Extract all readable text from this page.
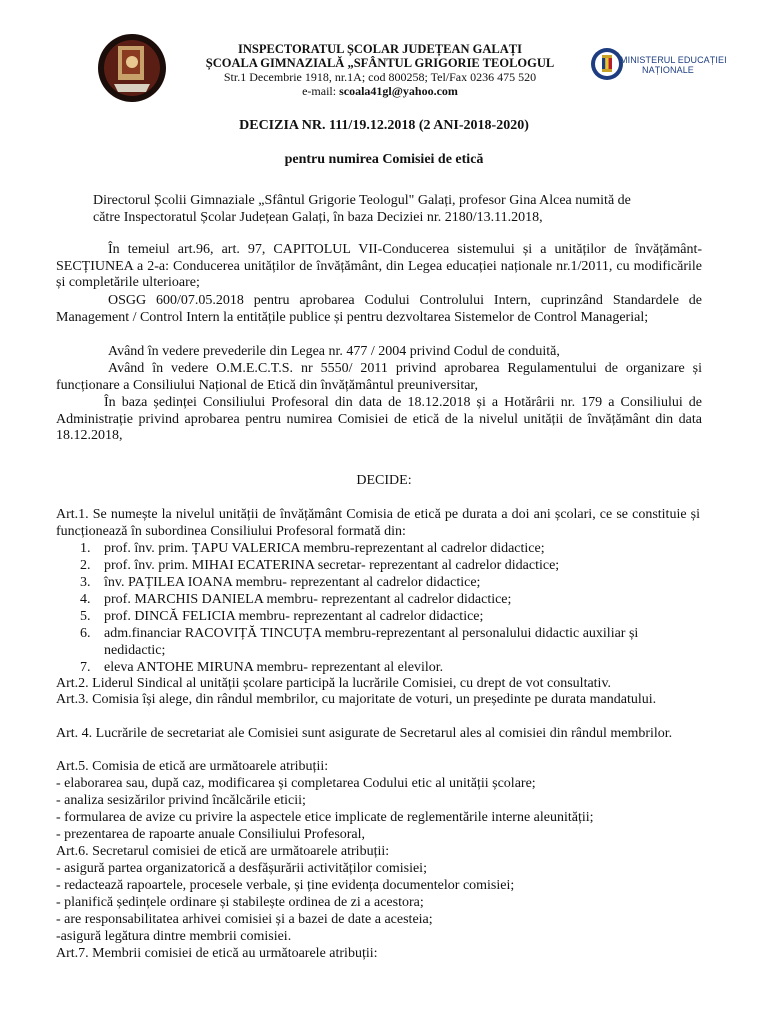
INSPECTORATUL ȘCOLAR JUDEȚEAN GALAȚI
ȘCOALA GIMNAZIALĂ „SFÂNTUL GRIGORIE TEOLOGUL
Str.1 Decembrie 1918, nr.1A; cod 800258; Tel/Fax 0236 475 520
e-mail: scoala41gl@yahoo.com
MINISTERUL EDUCAȚIEI
NAȚIONALE
DECIZIA NR. 111/19.12.2018 (2 ANI-2018-2020)
pentru numirea Comisiei de etică
Directorul Școlii Gimnaziale „Sfântul Grigorie Teologul" Galați, profesor Gina Alcea numită de
către Inspectoratul Școlar Județean Galați, în baza Deciziei nr. 2180/13.11.2018,
În temeiul art.96, art. 97, CAPITOLUL VII-Conducerea sistemului și a unităților de învățământ- SECȚIUNEA a 2-a: Conducerea unităților de învățământ, din Legea educației naționale nr.1/2011, cu modificările și completările ulterioare;
OSGG 600/07.05.2018 pentru aprobarea Codului Controlului Intern, cuprinzând Standardele de Management / Control Intern la entitățile publice și pentru dezvoltarea Sistemelor de Control Managerial;
Având în vedere prevederile din Legea nr. 477 / 2004 privind Codul de conduită,
Având în vedere O.M.E.C.T.S. nr 5550/ 2011 privind aprobarea Regulamentului de organizare și funcționare a Consiliului Național de Etică din învățământul preuniversitar,
În baza ședinței Consiliului Profesoral din data de 18.12.2018 și a Hotărârii nr. 179 a Consiliului de Administrație privind aprobarea pentru numirea Comisiei de etică de la nivelul unității de învățământ din data 18.12.2018,
DECIDE:
Art.1. Se numește la nivelul unității de învățământ Comisia de etică pe durata a doi ani școlari, ce se constituie și funcționează în subordinea Consiliului Profesoral formată din:
1. prof. înv. prim. ȚAPU VALERICA membru-reprezentant al cadrelor didactice;
2. prof. înv. prim. MIHAI ECATERINA secretar- reprezentant al cadrelor didactice;
3. înv. PAȚILEA IOANA membru- reprezentant al cadrelor didactice;
4. prof. MARCHIS DANIELA membru- reprezentant al cadrelor didactice;
5. prof. DINCĂ FELICIA membru- reprezentant al cadrelor didactice;
6. adm.financiar RACOVIȚĂ TINCUȚA membru-reprezentant al personalului didactic auxiliar și nedidactic;
7. eleva ANTOHE MIRUNA membru- reprezentant al elevilor.
Art.2. Liderul Sindical al unității școlare participă la lucrările Comisiei, cu drept de vot consultativ.
Art.3. Comisia își alege, din rândul membrilor, cu majoritate de voturi, un președinte pe durata mandatului.
Art. 4. Lucrările de secretariat ale Comisiei sunt asigurate de Secretarul ales al comisiei din rândul membrilor.
Art.5. Comisia de etică are următoarele atribuții:
- elaborarea sau, după caz, modificarea și completarea Codului etic al unității școlare;
- analiza sesizărilor privind încălcările eticii;
- formularea de avize cu privire la aspectele etice implicate de reglementările interne aleunității;
- prezentarea de rapoarte anuale Consiliului Profesoral,
Art.6. Secretarul comisiei de etică are următoarele atribuții:
- asigură partea organizatorică a desfășurării activităților comisiei;
- redactează rapoartele, procesele verbale, și ține evidența documentelor comisiei;
- planifică ședințele ordinare și stabilește ordinea de zi a acestora;
- are responsabilitatea arhivei comisiei și a bazei de date a acesteia;
-asigură legătura dintre membrii comisiei.
Art.7. Membrii comisiei de etică au următoarele atribuții:
